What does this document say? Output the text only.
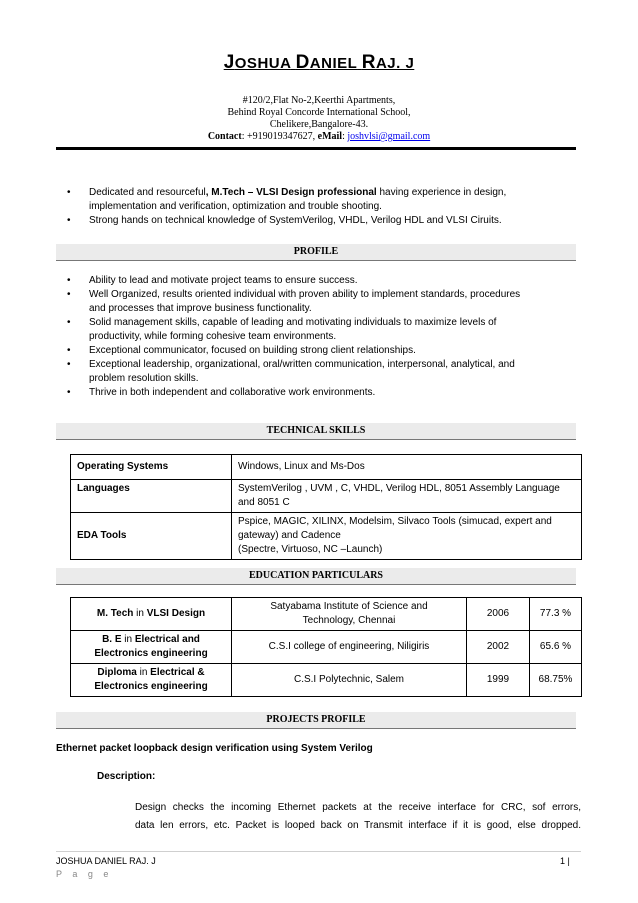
JOSHUA DANIEL RAJ. J
#120/2,Flat No-2,Keerthi Apartments,
Behind Royal Concorde International School,
Chelikere,Bangalore-43.
Contact: +919019347627, eMail: joshvlsi@gmail.com
• Dedicated and resourceful, M.Tech – VLSI Design professional having experience in design,
implementation and verification, optimization and trouble shooting.
• Strong hands on technical knowledge of SystemVerilog, VHDL, Verilog HDL and VLSI Ciruits.
PROFILE
• Ability to lead and motivate project teams to ensure success.
• Well Organized, results oriented individual with proven ability to implement standards, procedures
and processes that improve business functionality.
• Solid management skills, capable of leading and motivating individuals to maximize levels of
productivity, while forming cohesive team environments.
• Exceptional communicator, focused on building strong client relationships.
• Exceptional leadership, organizational, oral/written communication, interpersonal, analytical, and
problem resolution skills.
• Thrive in both independent and collaborative work environments.
TECHNICAL SKILLS
Operating Systems	Windows, Linux and Ms-Dos
Languages	SystemVerilog , UVM , C, VHDL, Verilog HDL, 8051 Assembly Language
and 8051 C
EDA Tools	Pspice, MAGIC, XILINX, Modelsim, Silvaco Tools (simucad, expert and
gateway) and Cadence
(Spectre, Virtuoso, NC –Launch)
EDUCATION PARTICULARS
M. Tech in VLSI Design	Satyabama Institute of Science and
Technology, Chennai	2006	77.3 %
B. E in Electrical and
Electronics engineering	C.S.I college of engineering, Niligiris	2002	65.6 %
Diploma in Electrical &
Electronics engineering	C.S.I Polytechnic, Salem	1999	68.75%
PROJECTS PROFILE
Ethernet packet loopback design verification using System Verilog
Description:
Design checks the incoming Ethernet packets at the receive interface for CRC, sof errors,
data len errors, etc. Packet is looped back on Transmit interface if it is good, else dropped.
JOSHUA DANIEL RAJ. J	1 |
P a g e
